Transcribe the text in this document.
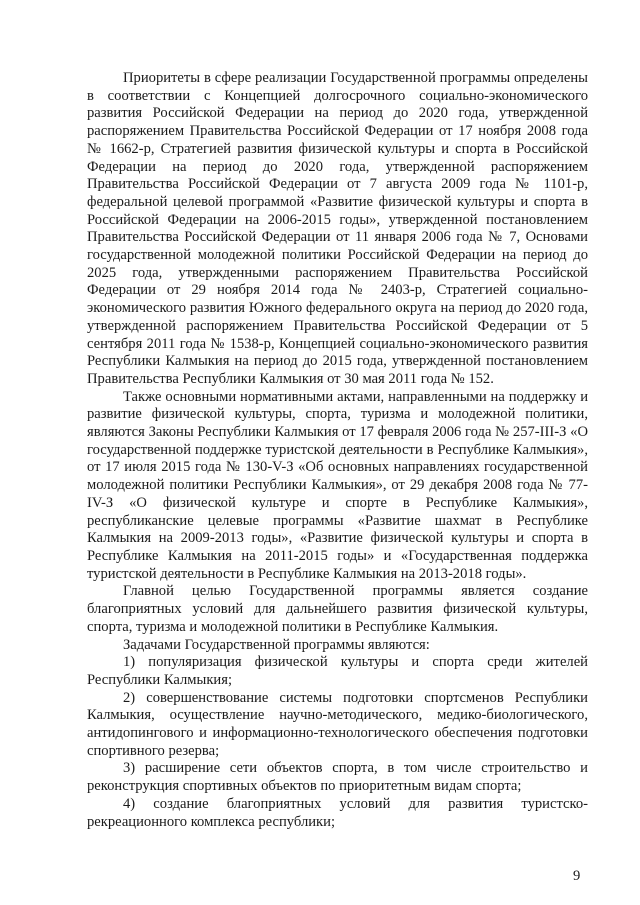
Приоритеты в сфере реализации Государственной программы определены в соответствии с Концепцией долгосрочного социально-экономического развития Российской Федерации на период до 2020 года, утвержденной распоряжением Правительства Российской Федерации от 17 ноября 2008 года № 1662-р, Стратегией развития физической культуры и спорта в Российской Федерации на период до 2020 года, утвержденной распоряжением Правительства Российской Федерации от 7 августа 2009 года № 1101-р, федеральной целевой программой «Развитие физической культуры и спорта в Российской Федерации на 2006-2015 годы», утвержденной постановлением Правительства Российской Федерации от 11 января 2006 года № 7, Основами государственной молодежной политики Российской Федерации на период до 2025 года, утвержденными распоряжением Правительства Российской Федерации от 29 ноября 2014 года № 2403-р, Стратегией социально-экономического развития Южного федерального округа на период до 2020 года, утвержденной распоряжением Правительства Российской Федерации от 5 сентября 2011 года № 1538-р, Концепцией социально-экономического развития Республики Калмыкия на период до 2015 года, утвержденной постановлением Правительства Республики Калмыкия от 30 мая 2011 года № 152.

Также основными нормативными актами, направленными на поддержку и развитие физической культуры, спорта, туризма и молодежной политики, являются Законы Республики Калмыкия от 17 февраля 2006 года № 257-III-З «О государственной поддержке туристской деятельности в Республике Калмыкия», от 17 июля 2015 года № 130-V-З «Об основных направлениях государственной молодежной политики Республики Калмыкия», от 29 декабря 2008 года № 77-IV-З «О физической культуре и спорте в Республике Калмыкия», республиканские целевые программы «Развитие шахмат в Республике Калмыкия на 2009-2013 годы», «Развитие физической культуры и спорта в Республике Калмыкия на 2011-2015 годы» и «Государственная поддержка туристской деятельности в Республике Калмыкия на 2013-2018 годы».

Главной целью Государственной программы является создание благоприятных условий для дальнейшего развития физической культуры, спорта, туризма и молодежной политики в Республике Калмыкия.

Задачами Государственной программы являются:

1) популяризация физической культуры и спорта среди жителей Республики Калмыкия;

2) совершенствование системы подготовки спортсменов Республики Калмыкия, осуществление научно-методического, медико-биологического, антидопингового и информационно-технологического обеспечения подготовки спортивного резерва;

3) расширение сети объектов спорта, в том числе строительство и реконструкция спортивных объектов по приоритетным видам спорта;

4) создание благоприятных условий для развития туристско-рекреационного комплекса республики;

9
